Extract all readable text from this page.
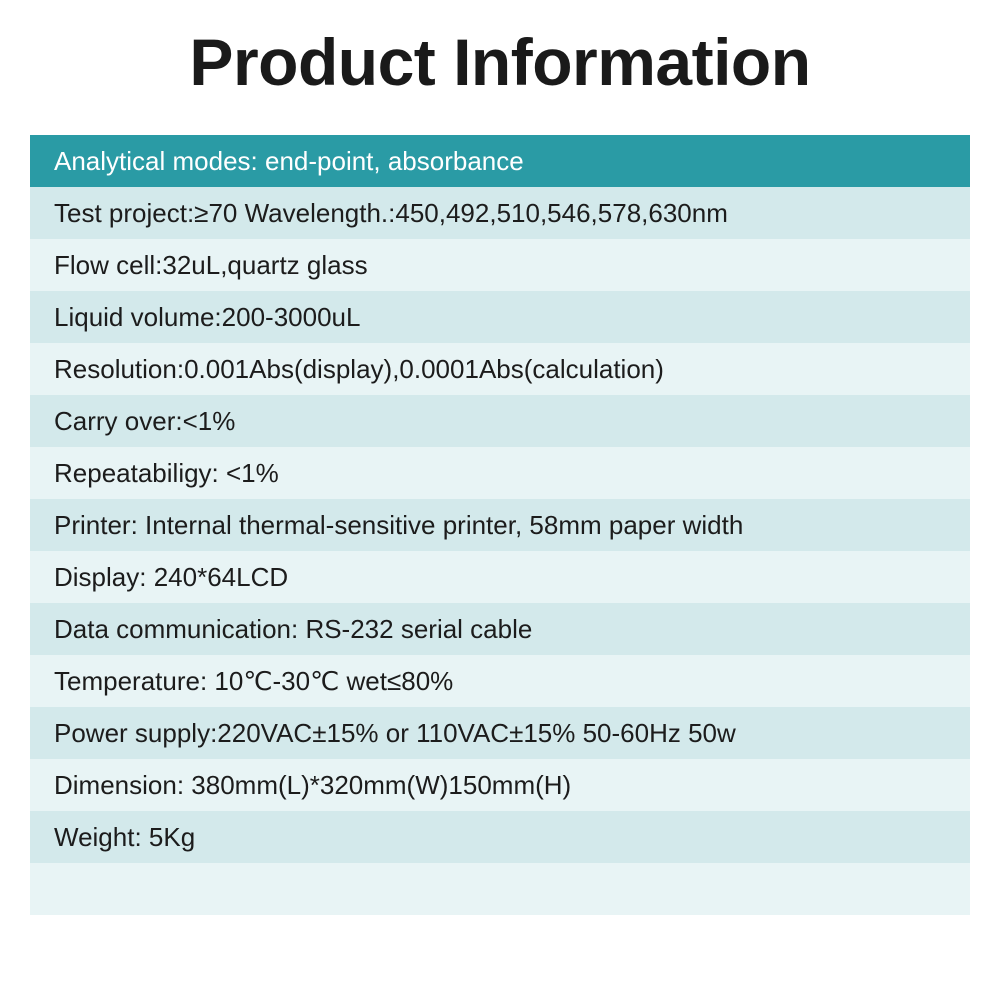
Product Information
Analytical modes: end-point, absorbance
Test project:≥70 Wavelength.:450,492,510,546,578,630nm
Flow cell:32uL,quartz glass
Liquid volume:200-3000uL
Resolution:0.001Abs(display),0.0001Abs(calculation)
Carry over:<1%
Repeatabiligy: <1%
Printer: Internal thermal-sensitive printer, 58mm paper width
Display: 240*64LCD
Data communication: RS-232 serial cable
Temperature: 10℃-30℃ wet≤80%
Power supply:220VAC±15% or 110VAC±15% 50-60Hz 50w
Dimension: 380mm(L)*320mm(W)150mm(H)
Weight: 5Kg
